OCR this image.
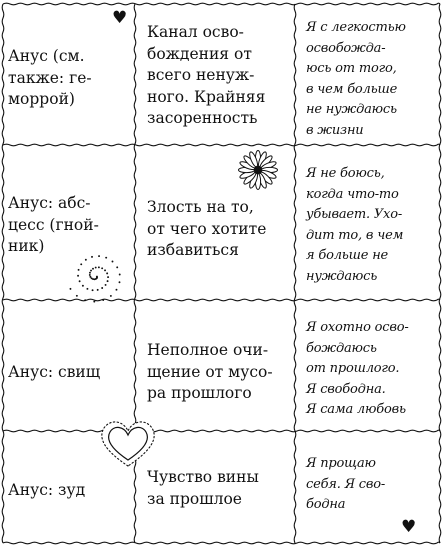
Анус (см.
также: ге-
моррой)
Канал осво-
бождения от
всего ненуж-
ного. Крайняя
засоренность
Я с легкостью
освобожда-
юсь от того,
в чем больше
не нуждаюсь
в жизни
Анус: абс-
цесс (гной-
ник)
Злость на то,
от чего хотите
избавиться
Я не боюсь,
когда что-то
убывает. Ухо-
дит то, в чем
я больше не
нуждаюсь
Анус: свищ
Неполное очи-
щение от мусо-
ра прошлого
Я охотно осво-
бождаюсь
от прошлого.
Я свободна.
Я сама любовь
Анус: зуд
Чувство вины
за прошлое
Я прощаю
себя. Я сво-
бодна
♥
♥
